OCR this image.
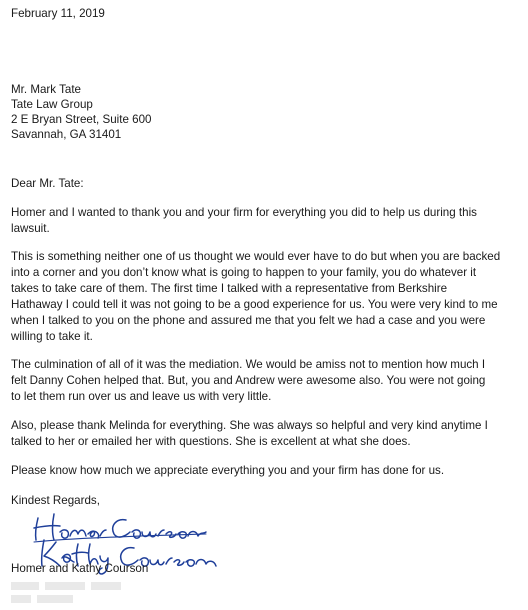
February 11, 2019
Mr. Mark Tate
Tate Law Group
2 E Bryan Street, Suite 600
Savannah, GA 31401
Dear Mr. Tate:

Homer and I wanted to thank you and your firm for everything you did to help us during this

lawsuit.

This is something neither one of us thought we would ever have to do but when you are backed

into a corner and you don’t know what is going to happen to your family, you do whatever it

takes to take care of them. The first time I talked with a representative from Berkshire

Hathaway I could tell it was not going to be a good experience for us. You were very kind to me

when I talked to you on the phone and assured me that you felt we had a case and you were

willing to take it.

The culmination of all of it was the mediation. We would be amiss not to mention how much I

felt Danny Cohen helped that. But, you and Andrew were awesome also. You were not going

to let them run over us and leave us with very little.

Also, please thank Melinda for everything. She was always so helpful and very kind anytime I

talked to her or emailed her with questions. She is excellent at what she does.

Please know how much we appreciate everything you and your firm has done for us.

Kindest Regards,
Homer and Kathy Courson
